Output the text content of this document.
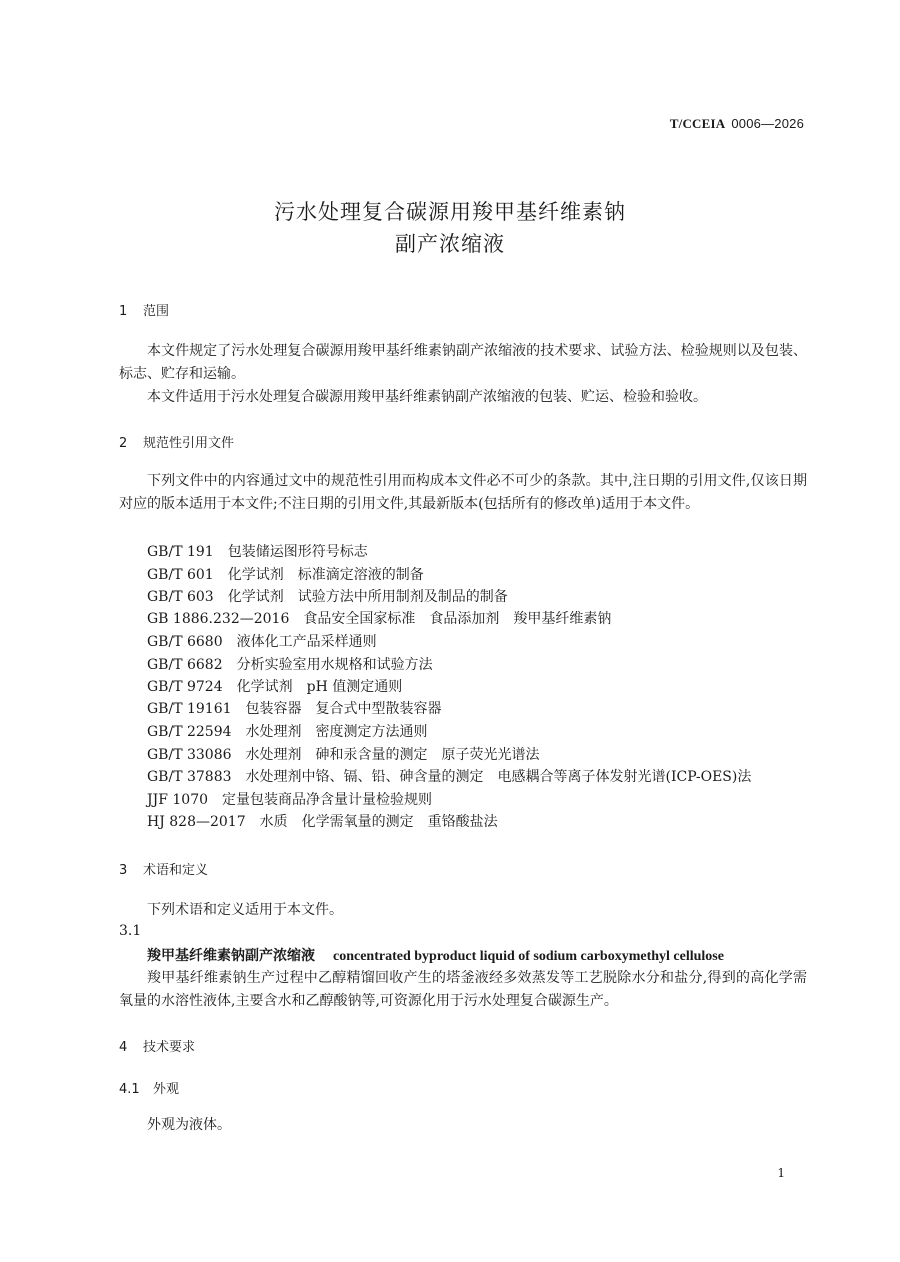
T/CCEIA 0006—2026
污水处理复合碳源用羧甲基纤维素钠
副产浓缩液
1 范围
本文件规定了污水处理复合碳源用羧甲基纤维素钠副产浓缩液的技术要求、试验方法、检验规则以及包装、标志、贮存和运输。
本文件适用于污水处理复合碳源用羧甲基纤维素钠副产浓缩液的包装、贮运、检验和验收。
2 规范性引用文件
下列文件中的内容通过文中的规范性引用而构成本文件必不可少的条款。其中,注日期的引用文件,仅该日期对应的版本适用于本文件;不注日期的引用文件,其最新版本(包括所有的修改单)适用于本文件。
GB/T 191　包装储运图形符号标志
GB/T 601　化学试剂　标准滴定溶液的制备
GB/T 603　化学试剂　试验方法中所用制剂及制品的制备
GB 1886.232—2016　食品安全国家标准　食品添加剂　羧甲基纤维素钠
GB/T 6680　液体化工产品采样通则
GB/T 6682　分析实验室用水规格和试验方法
GB/T 9724　化学试剂　pH 值测定通则
GB/T 19161　包装容器　复合式中型散装容器
GB/T 22594　水处理剂　密度测定方法通则
GB/T 33086　水处理剂　砷和汞含量的测定　原子荧光光谱法
GB/T 37883　水处理剂中铬、镉、铅、砷含量的测定　电感耦合等离子体发射光谱(ICP-OES)法
JJF 1070　定量包装商品净含量计量检验规则
HJ 828—2017　水质　化学需氧量的测定　重铬酸盐法
3 术语和定义
下列术语和定义适用于本文件。
3.1
羧甲基纤维素钠副产浓缩液 concentrated byproduct liquid of sodium carboxymethyl cellulose
羧甲基纤维素钠生产过程中乙醇精馏回收产生的塔釜液经多效蒸发等工艺脱除水分和盐分,得到的高化学需氧量的水溶性液体,主要含水和乙醇酸钠等,可资源化用于污水处理复合碳源生产。
4 技术要求
4.1 外观
外观为液体。
1
